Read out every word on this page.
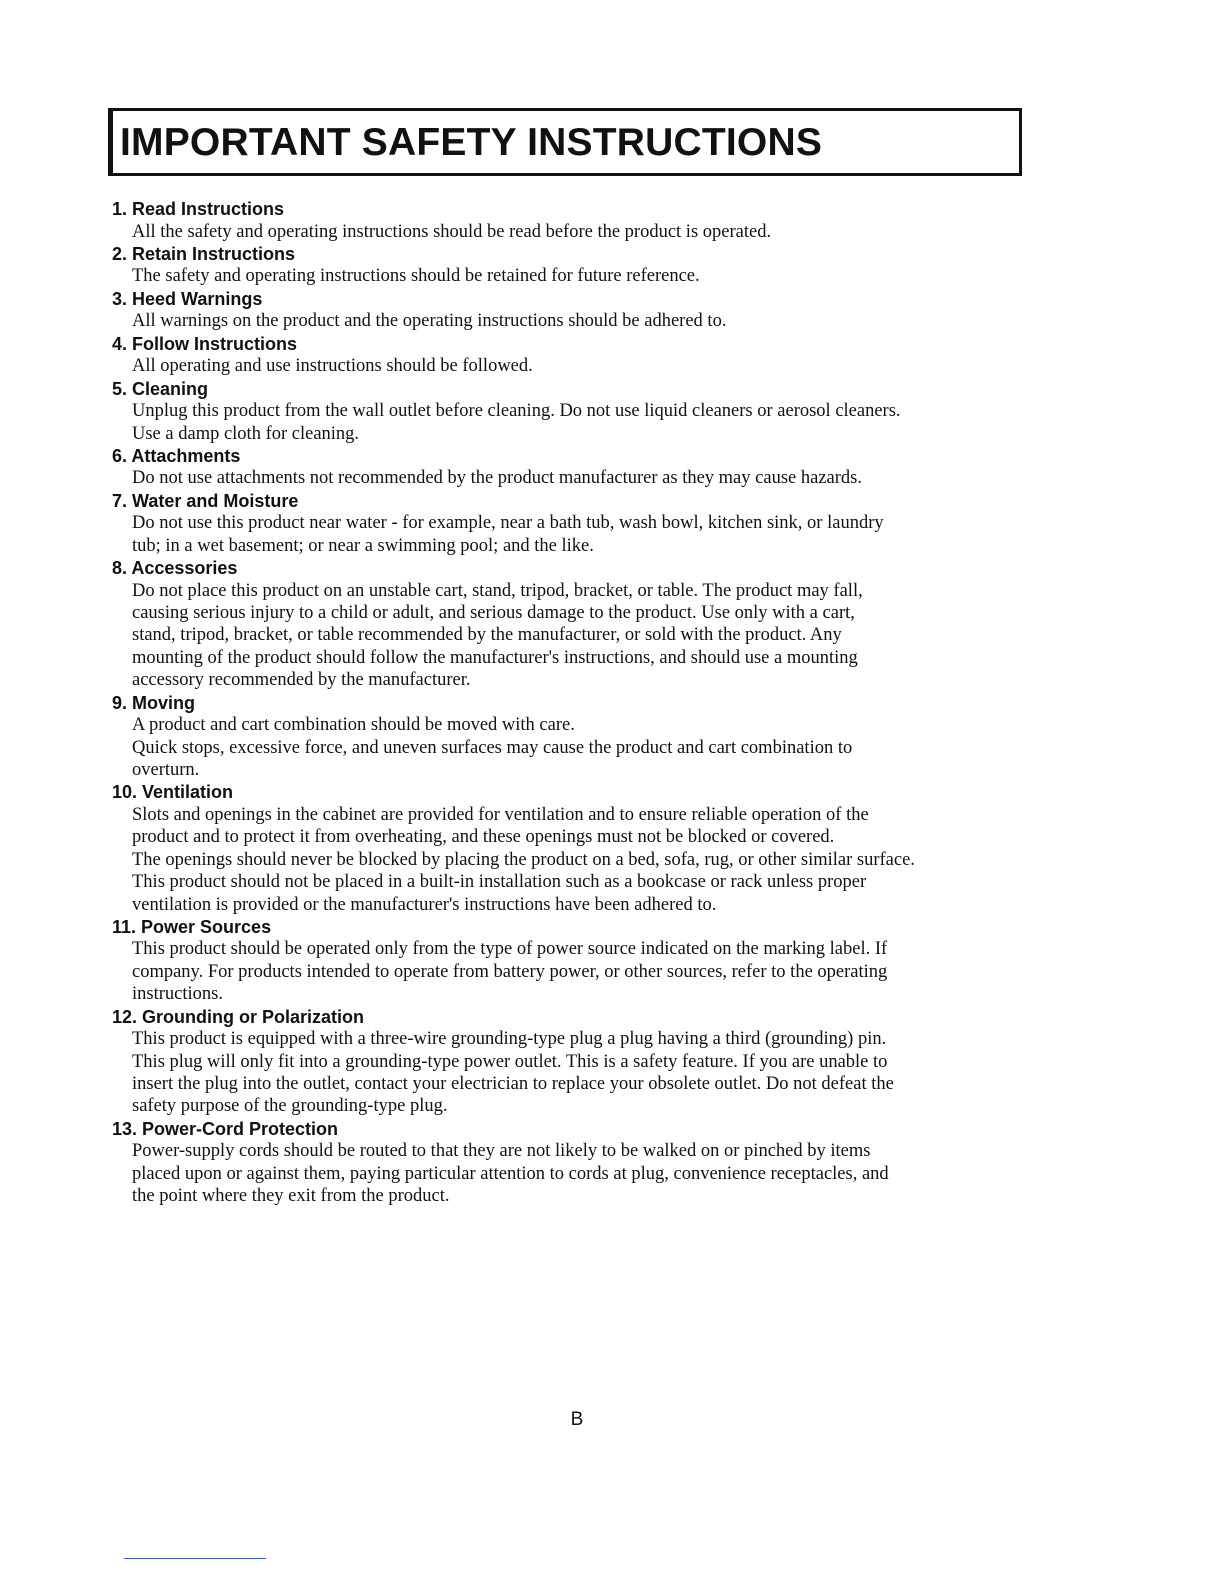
IMPORTANT SAFETY INSTRUCTIONS
1. Read Instructions
All the safety and operating instructions should be read before the product is operated.
2. Retain Instructions
The safety and operating instructions should be retained for future reference.
3. Heed Warnings
All warnings on the product and the operating instructions should be adhered to.
4. Follow Instructions
All operating and use instructions should be followed.
5. Cleaning
Unplug this product from the wall outlet before cleaning. Do not use liquid cleaners or aerosol cleaners.
Use a damp cloth for cleaning.
6. Attachments
Do not use attachments not recommended by the product manufacturer as they may cause hazards.
7. Water and Moisture
Do not use this product near water - for example, near a bath tub, wash bowl, kitchen sink, or laundry
tub; in a wet basement; or near a swimming pool; and the like.
8. Accessories
Do not place this product on an unstable cart, stand, tripod, bracket, or table. The product may fall,
causing serious injury to a child or adult, and serious damage to the product. Use only with a cart,
stand, tripod, bracket, or table recommended by the manufacturer, or sold with the product. Any
mounting of the product should follow the manufacturer's instructions, and should use a mounting
accessory recommended by the manufacturer.
9. Moving
A product and cart combination should be moved with care.
Quick stops, excessive force, and uneven surfaces may cause the product and cart combination to
overturn.
10. Ventilation
Slots and openings in the cabinet are provided for ventilation and to ensure reliable operation of the
product and to protect it from overheating, and these openings must not be blocked or covered.
The openings should never be blocked by placing the product on a bed, sofa, rug, or other similar surface.
This product should not be placed in a built-in installation such as a bookcase or rack unless proper
ventilation is provided or the manufacturer's instructions have been adhered to.
11. Power Sources
This product should be operated only from the type of power source indicated on the marking label. If
company. For products intended to operate from battery power, or other sources, refer to the operating
instructions.
12. Grounding or Polarization
This product is equipped with a three-wire grounding-type plug a plug having a third (grounding) pin.
This plug will only fit into a grounding-type power outlet. This is a safety feature. If you are unable to
insert the plug into the outlet, contact your electrician to replace your obsolete outlet. Do not defeat the
safety purpose of the grounding-type plug.
13. Power-Cord Protection
Power-supply cords should be routed to that they are not likely to be walked on or pinched by items
placed upon or against them, paying particular attention to cords at plug, convenience receptacles, and
the point where they exit from the product.
B
